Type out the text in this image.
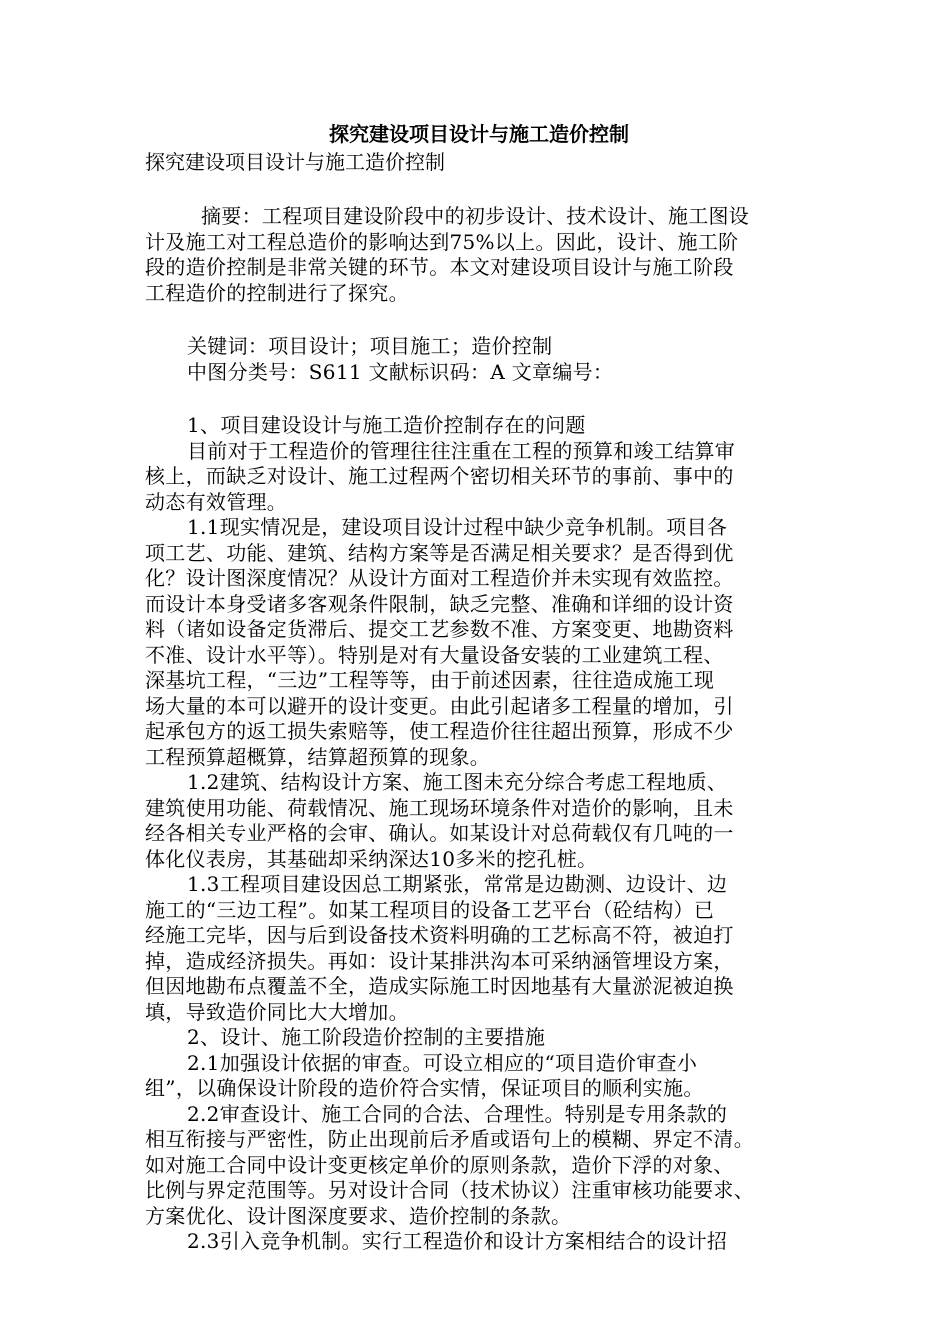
探究建设项目设计与施工造价控制
探究建设项目设计与施工造价控制
摘要：工程项目建设阶段中的初步设计、技术设计、施工图设
计及施工对工程总造价的影响达到75%以上。因此，设计、施工阶
段的造价控制是非常关键的环节。本文对建设项目设计与施工阶段
工程造价的控制进行了探究。
关键词：项目设计；项目施工；造价控制
中图分类号：S611 文献标识码：A 文章编号：
1、项目建设设计与施工造价控制存在的问题
目前对于工程造价的管理往往注重在工程的预算和竣工结算审
核上，而缺乏对设计、施工过程两个密切相关环节的事前、事中的
动态有效管理。
1.1现实情况是，建设项目设计过程中缺少竞争机制。项目各
项工艺、功能、建筑、结构方案等是否满足相关要求？是否得到优
化？设计图深度情况？从设计方面对工程造价并未实现有效监控。
而设计本身受诸多客观条件限制，缺乏完整、准确和详细的设计资
料（诸如设备定货滞后、提交工艺参数不准、方案变更、地勘资料
不准、设计水平等）。特别是对有大量设备安装的工业建筑工程、
深基坑工程，“三边”工程等等，由于前述因素，往往造成施工现
场大量的本可以避开的设计变更。由此引起诸多工程量的增加，引
起承包方的返工损失索赔等，使工程造价往往超出预算，形成不少
工程预算超概算，结算超预算的现象。
1.2建筑、结构设计方案、施工图未充分综合考虑工程地质、
建筑使用功能、荷载情况、施工现场环境条件对造价的影响，且未
经各相关专业严格的会审、确认。如某设计对总荷载仅有几吨的一
体化仪表房，其基础却采纳深达10多米的挖孔桩。
1.3工程项目建设因总工期紧张，常常是边勘测、边设计、边
施工的“三边工程”。如某工程项目的设备工艺平台（砼结构）已
经施工完毕，因与后到设备技术资料明确的工艺标高不符，被迫打
掉，造成经济损失。再如：设计某排洪沟本可采纳涵管埋设方案，
但因地勘布点覆盖不全，造成实际施工时因地基有大量淤泥被迫换
填，导致造价同比大大增加。
2、设计、施工阶段造价控制的主要措施
2.1加强设计依据的审查。可设立相应的“项目造价审查小
组”，以确保设计阶段的造价符合实情，保证项目的顺利实施。
2.2审查设计、施工合同的合法、合理性。特别是专用条款的
相互衔接与严密性，防止出现前后矛盾或语句上的模糊、界定不清。
如对施工合同中设计变更核定单价的原则条款，造价下浮的对象、
比例与界定范围等。另对设计合同（技术协议）注重审核功能要求、
方案优化、设计图深度要求、造价控制的条款。
2.3引入竞争机制。实行工程造价和设计方案相结合的设计招
